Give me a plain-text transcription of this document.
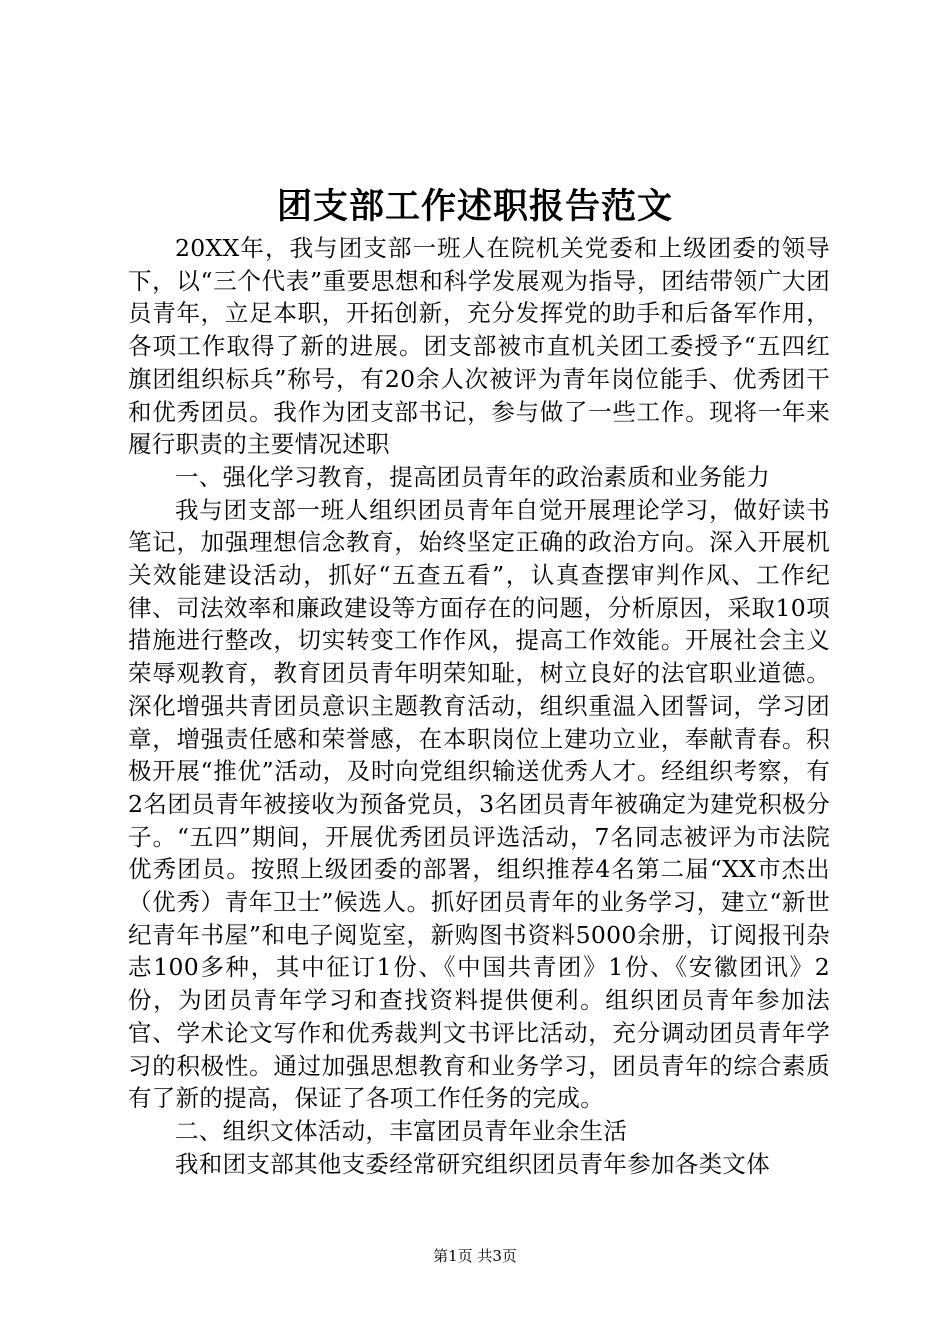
团支部工作述职报告范文

20XX年，我与团支部一班人在院机关党委和上级团委的领导下，以“三个代表”重要思想和科学发展观为指导，团结带领广大团员青年，立足本职，开拓创新，充分发挥党的助手和后备军作用，各项工作取得了新的进展。团支部被市直机关团工委授予“五四红旗团组织标兵”称号，有20余人次被评为青年岗位能手、优秀团干和优秀团员。我作为团支部书记，参与做了一些工作。现将一年来履行职责的主要情况述职

一、强化学习教育，提高团员青年的政治素质和业务能力

我与团支部一班人组织团员青年自觉开展理论学习，做好读书笔记，加强理想信念教育，始终坚定正确的政治方向。深入开展机关效能建设活动，抓好“五查五看”，认真查摆审判作风、工作纪律、司法效率和廉政建设等方面存在的问题，分析原因，采取10项措施进行整改，切实转变工作作风，提高工作效能。开展社会主义荣辱观教育，教育团员青年明荣知耻，树立良好的法官职业道德。深化增强共青团员意识主题教育活动，组织重温入团誓词，学习团章，增强责任感和荣誉感，在本职岗位上建功立业，奉献青春。积极开展“推优”活动，及时向党组织输送优秀人才。经组织考察，有2名团员青年被接收为预备党员，3名团员青年被确定为建党积极分子。“五四”期间，开展优秀团员评选活动，7名同志被评为市法院优秀团员。按照上级团委的部署，组织推荐4名第二届“XX市杰出（优秀）青年卫士”候选人。抓好团员青年的业务学习，建立“新世纪青年书屋”和电子阅览室，新购图书资料5000余册，订阅报刊杂志100多种，其中征订1份、《中国共青团》1份、《安徽团讯》2份，为团员青年学习和查找资料提供便利。组织团员青年参加法官、学术论文写作和优秀裁判文书评比活动，充分调动团员青年学习的积极性。通过加强思想教育和业务学习，团员青年的综合素质有了新的提高，保证了各项工作任务的完成。

二、组织文体活动，丰富团员青年业余生活

我和团支部其他支委经常研究组织团员青年参加各类文体

第1页 共3页
